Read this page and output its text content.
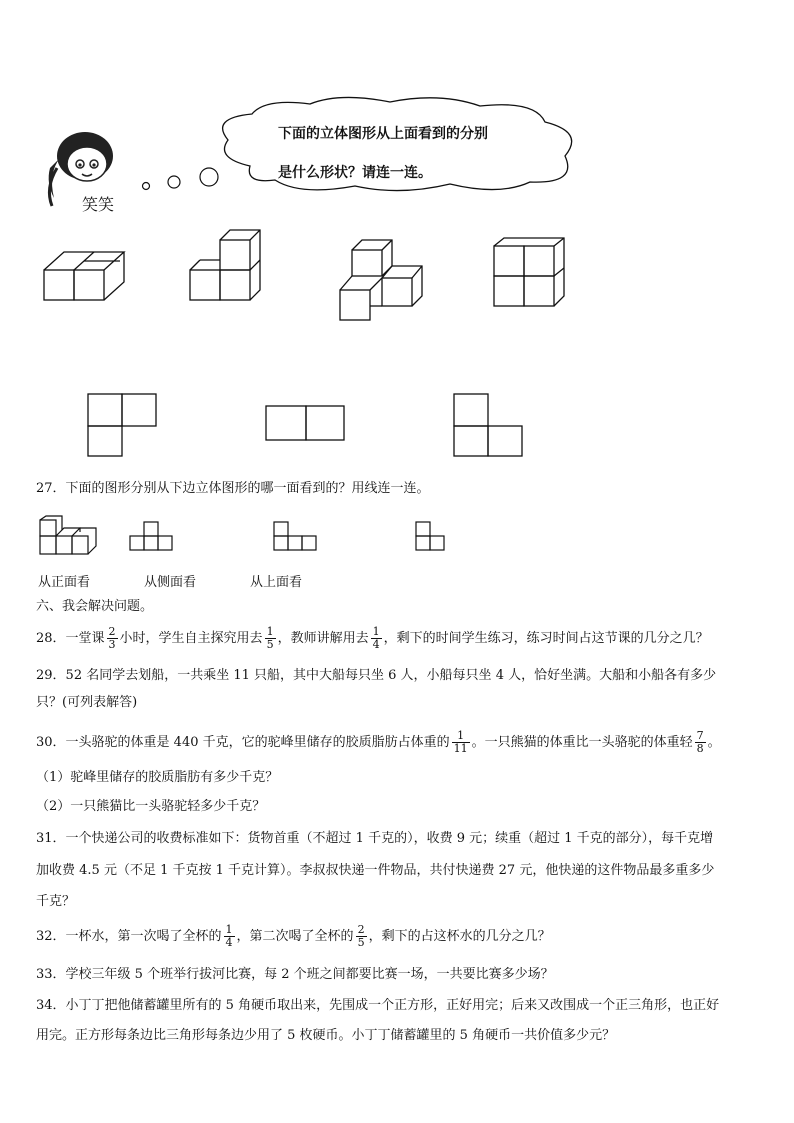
笑笑
下面的立体图形从上面看到的分别
是什么形状？请连一连。
27．下面的图形分别从下边立体图形的哪一面看到的？用线连一连。
从正面看	从侧面看	从上面看
六、我会解决问题。
28．一堂课 $\frac{2}{3}$ 小时，学生自主探究用去 $\frac{1}{5}$ ，教师讲解用去 $\frac{1}{4}$ ，剩下的时间学生练习，练习时间占这节课的几分之几？
29．52 名同学去划船，一共乘坐 11 只船，其中大船每只坐 6 人，小船每只坐 4 人，恰好坐满。大船和小船各有多少
只？(可列表解答)
30．一头骆驼的体重是 440 千克，它的驼峰里储存的胶质脂肪占体重的 $\frac{1}{11}$ 。一只熊猫的体重比一头骆驼的体重轻 $\frac{7}{8}$ 。
（1）驼峰里储存的胶质脂肪有多少千克？
（2）一只熊猫比一头骆驼轻多少千克？
31．一个快递公司的收费标准如下：货物首重（不超过 1 千克的），收费 9 元；续重（超过 1 千克的部分），每千克增
加收费 4.5 元（不足 1 千克按 1 千克计算）。李叔叔快递一件物品，共付快递费 27 元，他快递的这件物品最多重多少
千克？
32．一杯水，第一次喝了全杯的 $\frac{1}{4}$ ，第二次喝了全杯的 $\frac{2}{5}$ ，剩下的占这杯水的几分之几？
33．学校三年级 5 个班举行拔河比赛，每 2 个班之间都要比赛一场，一共要比赛多少场？
34．小丁丁把他储蓄罐里所有的 5 角硬币取出来，先围成一个正方形，正好用完；后来又改围成一个正三角形，也正好
用完。正方形每条边比三角形每条边少用了 5 枚硬币。小丁丁储蓄罐里的 5 角硬币一共价值多少元？
